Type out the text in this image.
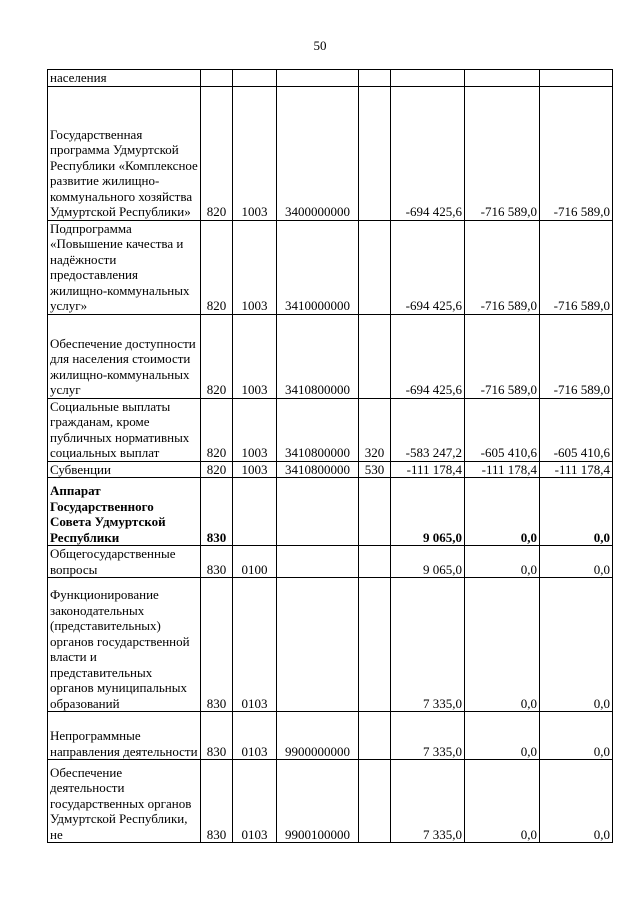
50
населения							
Государственная программа Удмуртской Республики «Комплексное развитие жилищно-коммунального хозяйства Удмуртской Республики»	820	1003	3400000000		-694 425,6	-716 589,0	-716 589,0
Подпрограмма «Повышение качества и надёжности предоставления жилищно-коммунальных услуг»	820	1003	3410000000		-694 425,6	-716 589,0	-716 589,0
Обеспечение доступности для населения стоимости жилищно-коммунальных услуг	820	1003	3410800000		-694 425,6	-716 589,0	-716 589,0
Социальные выплаты гражданам, кроме публичных нормативных социальных выплат	820	1003	3410800000	320	-583 247,2	-605 410,6	-605 410,6
Субвенции	820	1003	3410800000	530	-111 178,4	-111 178,4	-111 178,4
Аппарат Государственного Совета Удмуртской Республики	830				9 065,0	0,0	0,0
Общегосударственные вопросы	830	0100			9 065,0	0,0	0,0
Функционирование законодательных (представительных) органов государственной власти и представительных органов муниципальных образований	830	0103			7 335,0	0,0	0,0
Непрограммные направления деятельности	830	0103	9900000000		7 335,0	0,0	0,0
Обеспечение деятельности государственных органов Удмуртской Республики, не	830	0103	9900100000		7 335,0	0,0	0,0
